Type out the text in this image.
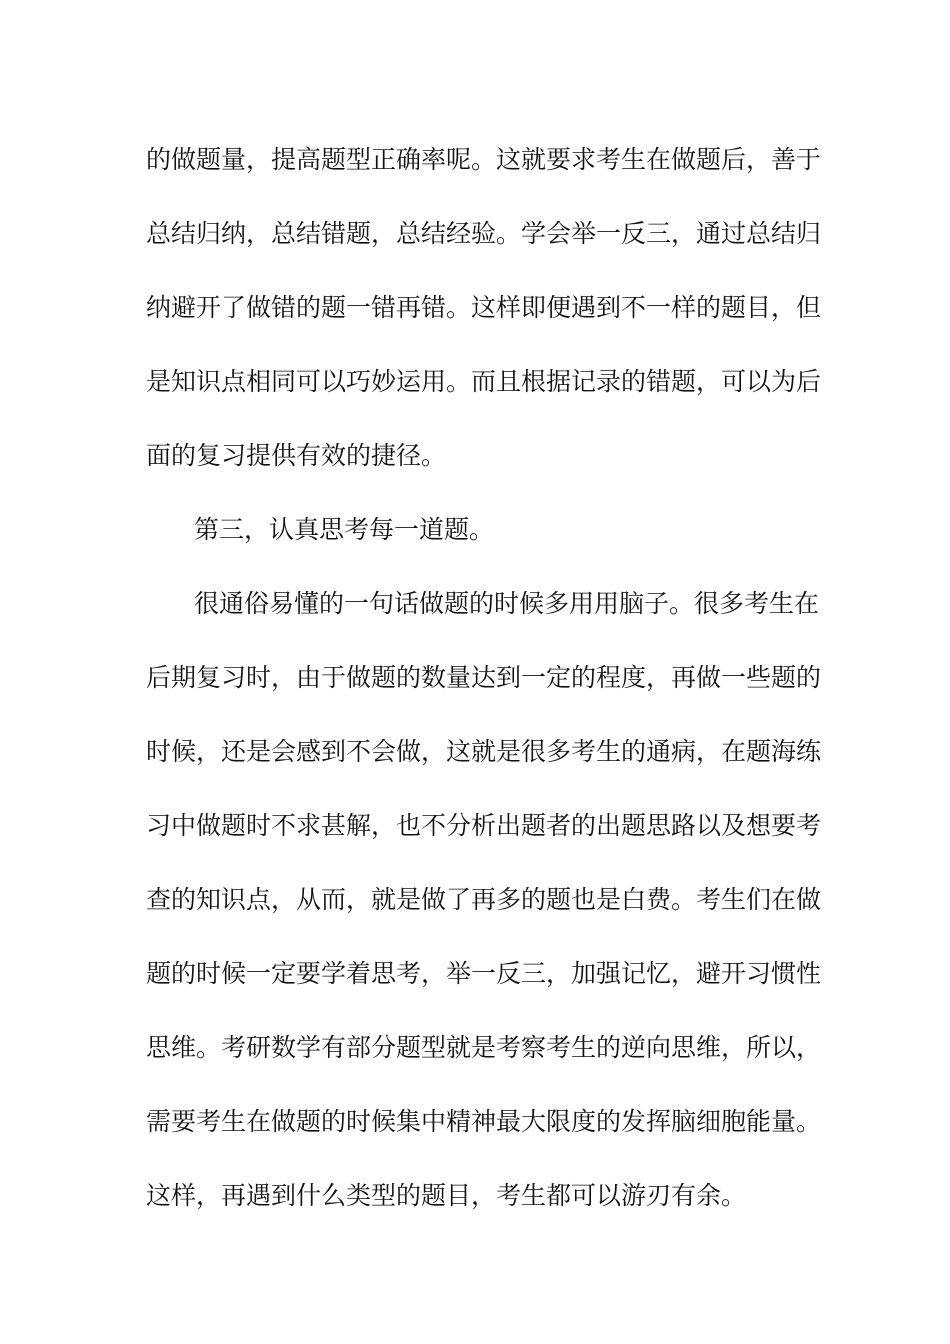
的做题量，提高题型正确率呢。这就要求考生在做题后，善于
总结归纳，总结错题，总结经验。学会举一反三，通过总结归
纳避开了做错的题一错再错。这样即便遇到不一样的题目，但
是知识点相同可以巧妙运用。而且根据记录的错题，可以为后
面的复习提供有效的捷径。
第三，认真思考每一道题。
很通俗易懂的一句话做题的时候多用用脑子。很多考生在
后期复习时，由于做题的数量达到一定的程度，再做一些题的
时候，还是会感到不会做，这就是很多考生的通病，在题海练
习中做题时不求甚解，也不分析出题者的出题思路以及想要考
查的知识点，从而，就是做了再多的题也是白费。考生们在做
题的时候一定要学着思考，举一反三，加强记忆，避开习惯性
思维。考研数学有部分题型就是考察考生的逆向思维，所以，
需要考生在做题的时候集中精神最大限度的发挥脑细胞能量。
这样，再遇到什么类型的题目，考生都可以游刃有余。
